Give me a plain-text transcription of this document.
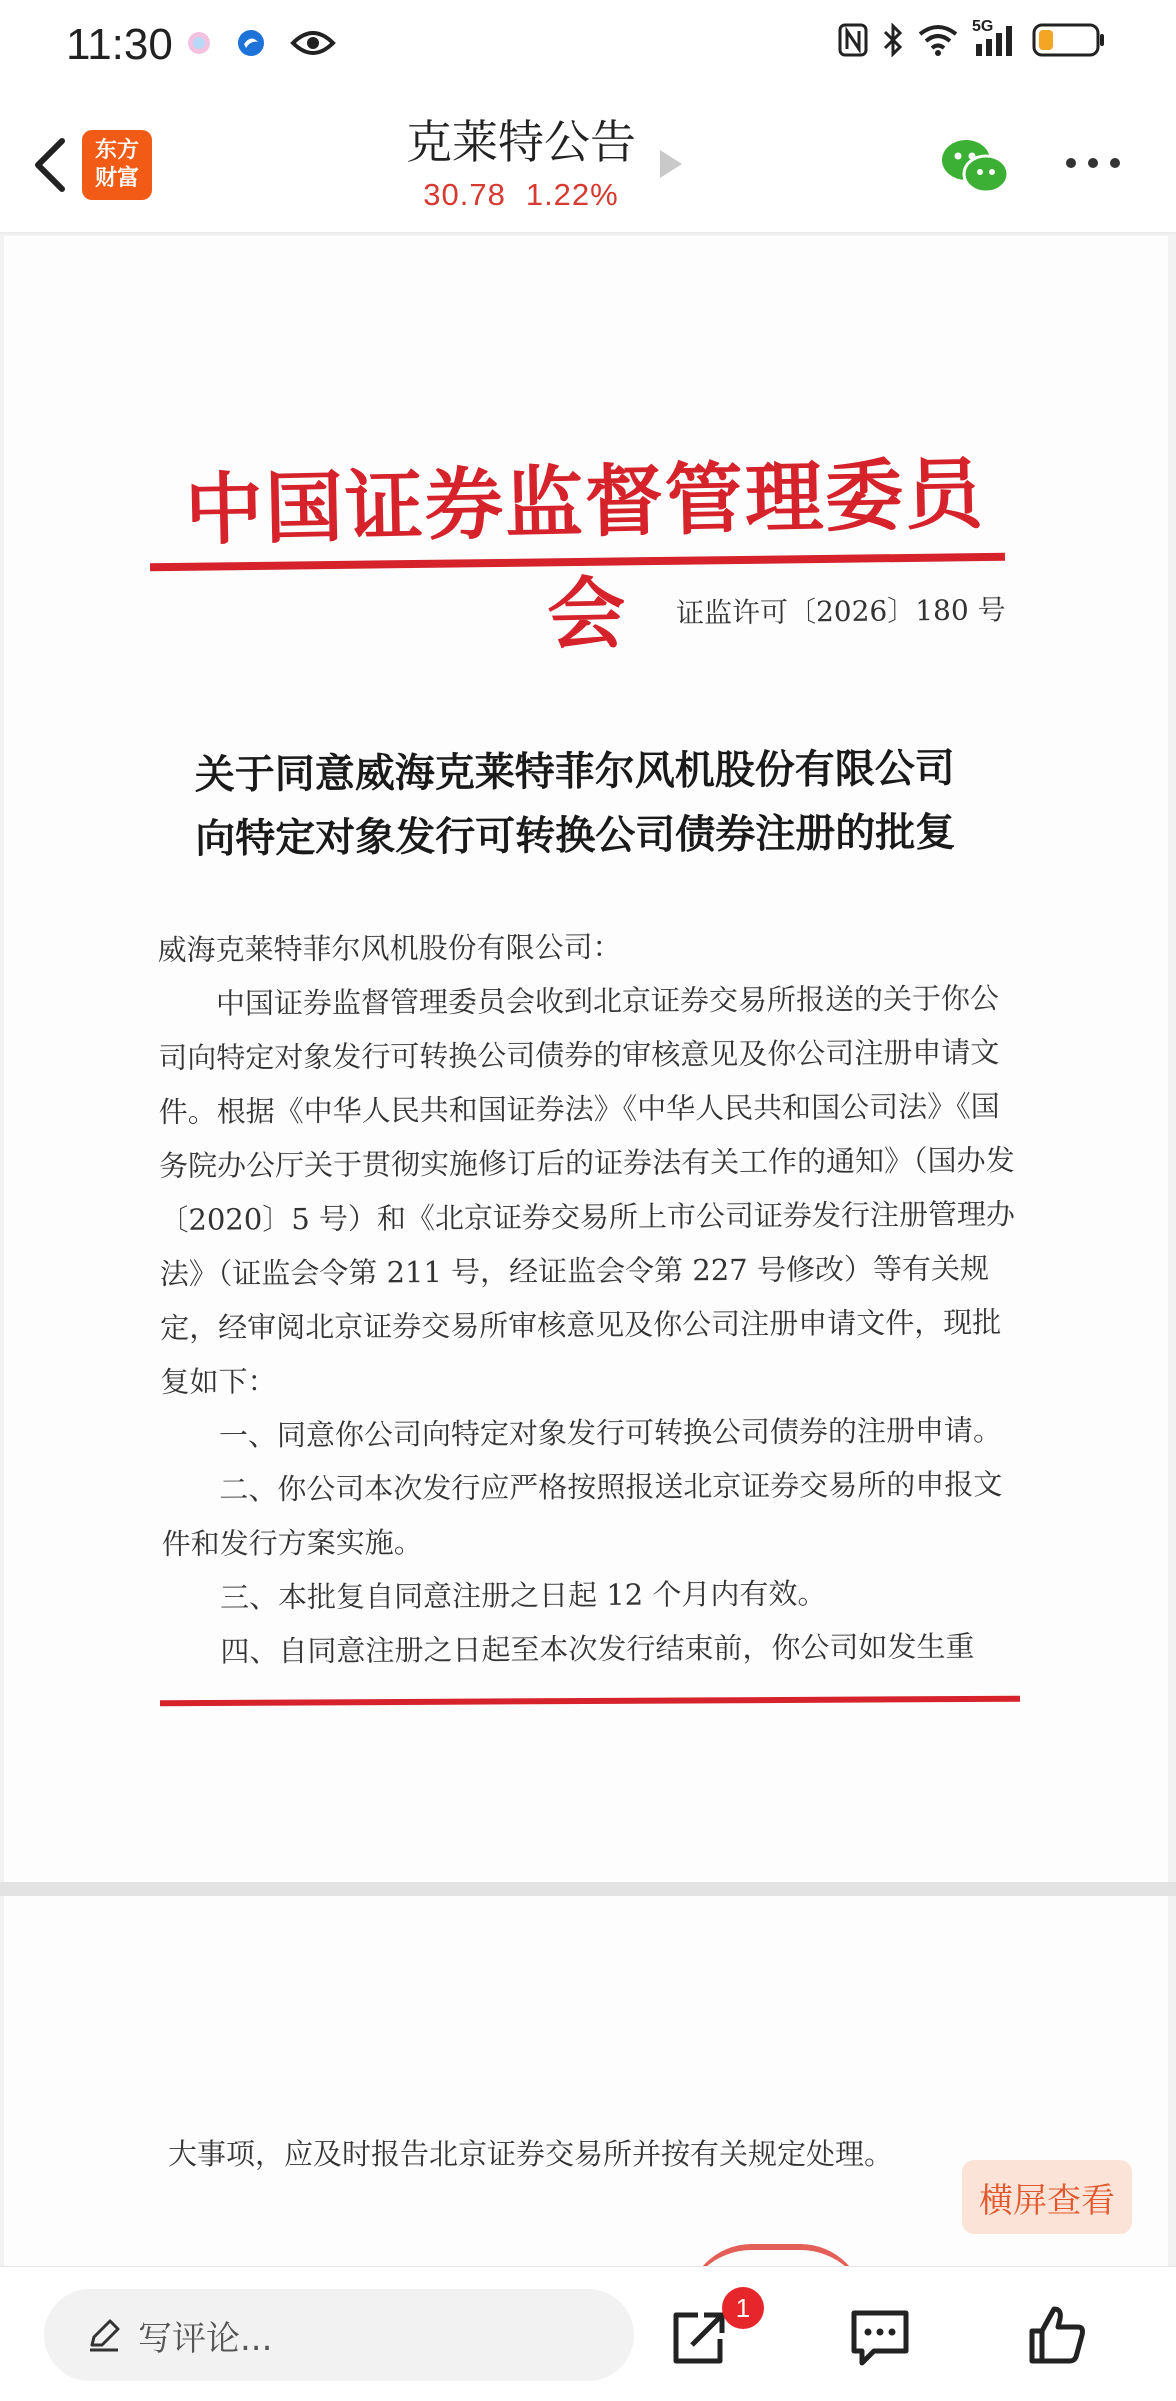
11:30	5G
东方
财富
克莱特公告
30.78 1.22%
中国证券监督管理委员会	证监许可〔2026〕180 号
关于同意威海克莱特菲尔风机股份有限公司
向特定对象发行可转换公司债券注册的批复

威海克莱特菲尔风机股份有限公司：

中国证券监督管理委员会收到北京证券交易所报送的关于你公司向特定对象发行可转换公司债券的审核意见及你公司注册申请文件。根据《中华人民共和国证券法》《中华人民共和国公司法》《国务院办公厅关于贯彻实施修订后的证券法有关工作的通知》（国办发〔2020〕5 号）和《北京证券交易所上市公司证券发行注册管理办法》（证监会令第 211 号，经证监会令第 227 号修改）等有关规定，经审阅北京证券交易所审核意见及你公司注册申请文件，现批复如下：

一、同意你公司向特定对象发行可转换公司债券的注册申请。

二、你公司本次发行应严格按照报送北京证券交易所的申报文件和发行方案实施。

三、本批复自同意注册之日起 12 个月内有效。

四、自同意注册之日起至本次发行结束前，你公司如发生重

大事项，应及时报告北京证券交易所并按有关规定处理。
横屏查看
写评论...
1
